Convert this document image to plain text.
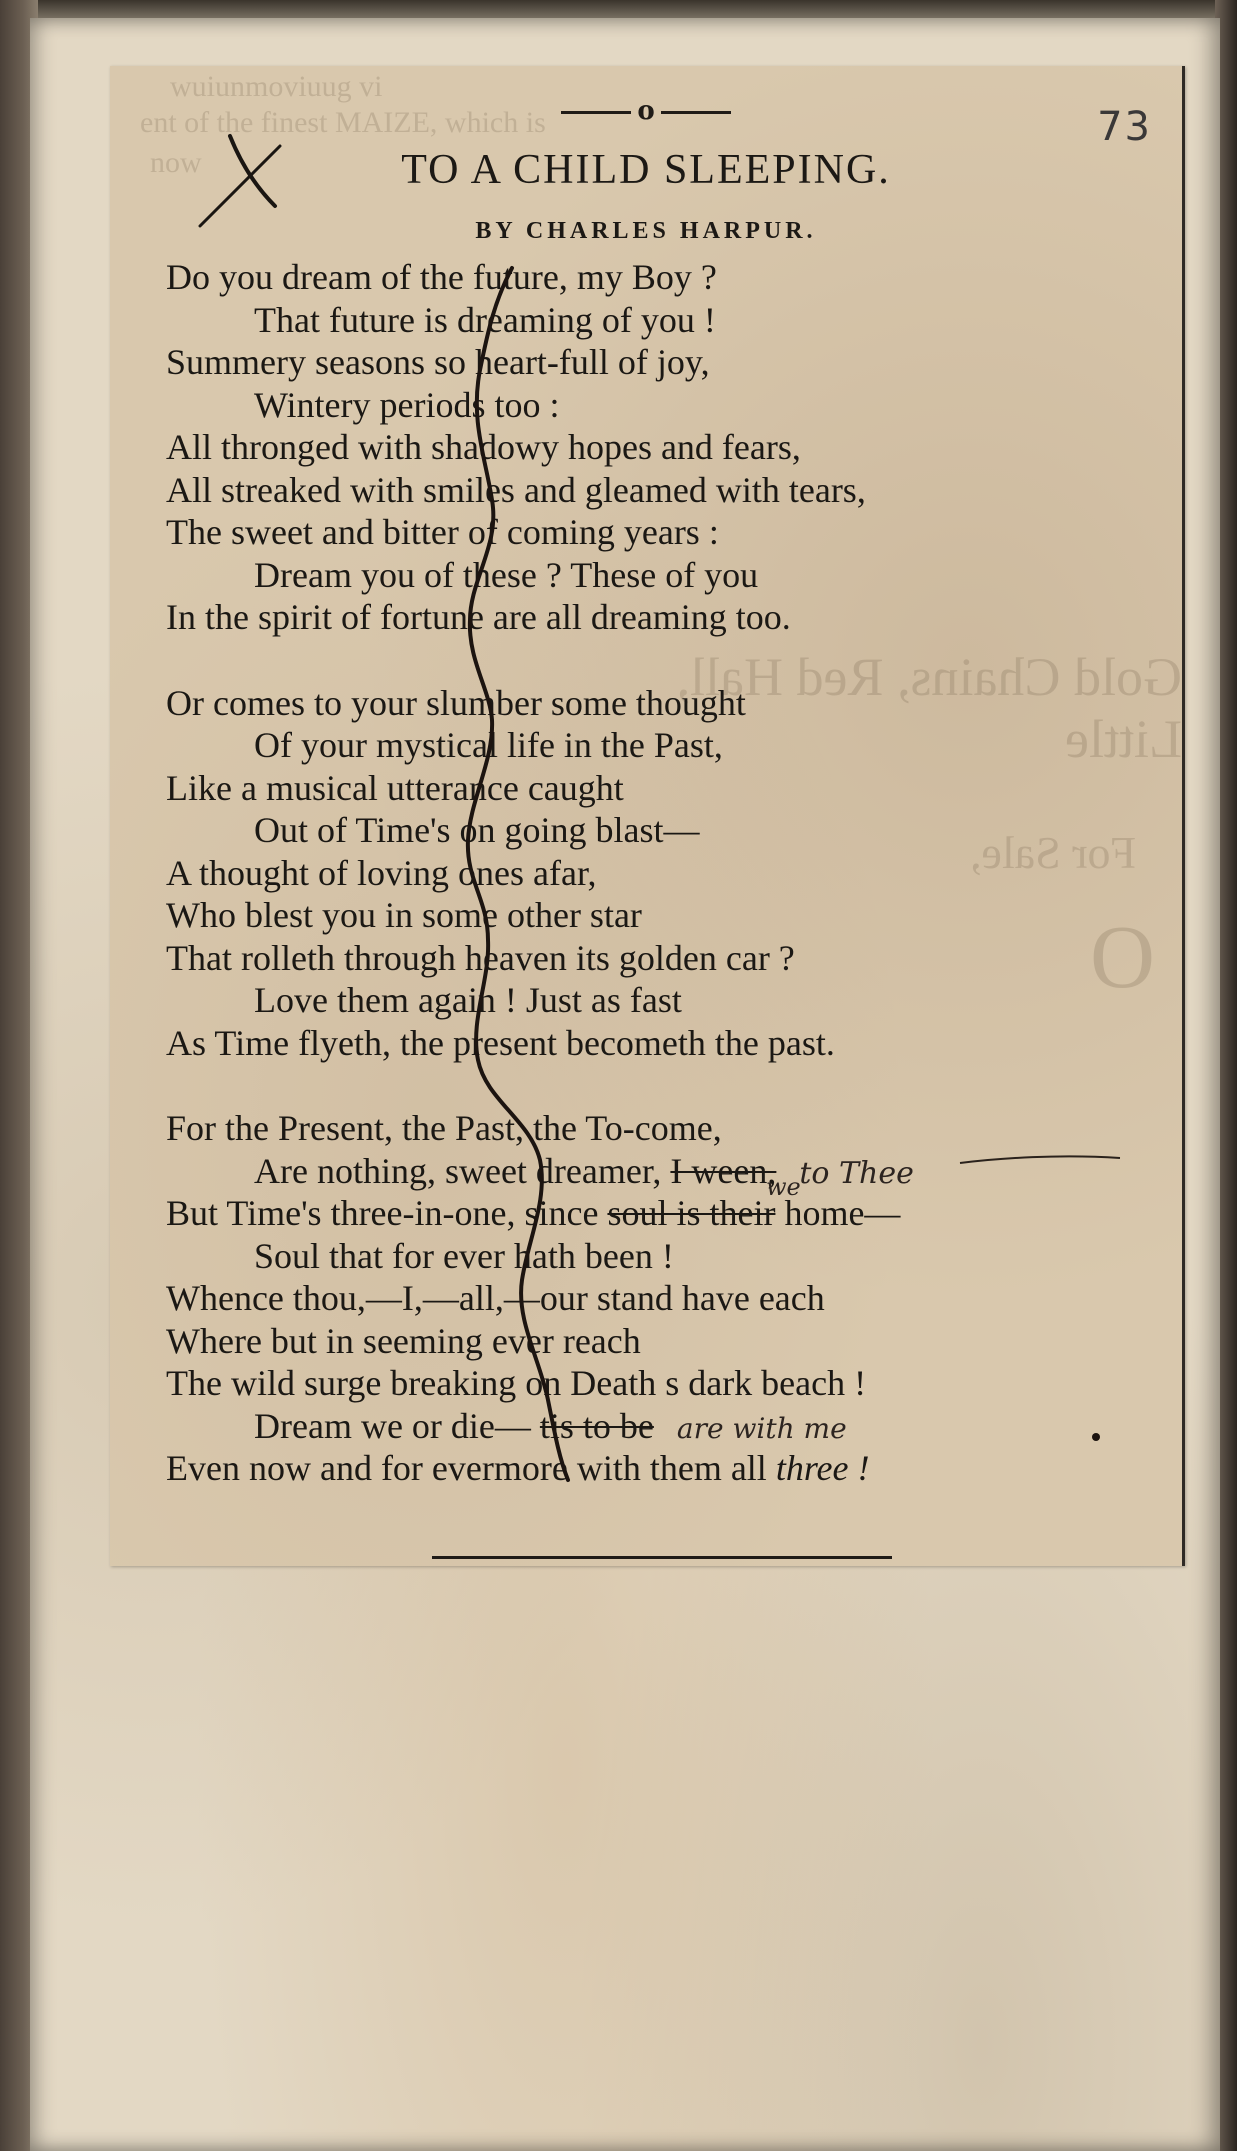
wuiunmoviuug vi
ent of the finest MAIZE, which is
now
Gold Chains, Red Hall, Little
For Sale,
O
o	73
TO A CHILD SLEEPING.
BY CHARLES HARPUR.
Do you dream of the future, my Boy ?
That future is dreaming of you !
Summery seasons so heart-full of joy,
Wintery periods too :
All thronged with shadowy hopes and fears,
All streaked with smiles and gleamed with tears,
The sweet and bitter of coming years :
Dream you of these ? These of you
In the spirit of fortune are all dreaming too.
Or comes to your slumber some thought
Of your mystical life in the Past,
Like a musical utterance caught
Out of Time's on going blast—
A thought of loving ones afar,
Who blest you in some other star
That rolleth through heaven its golden car ?
Love them again ! Just as fast
As Time flyeth, the present becometh the past.
For the Present, the Past, the To-come,
Are nothing, sweet dreamer, I ween, to Thee
But Time's three-in-one, since soul is their home—
we
Soul that for ever hath been !
Whence thou,—I,—all,—our stand have each
Where but in seeming ever reach
The wild surge breaking on Death s dark beach !
Dream we or die— tis to be are with me
Even now and for evermore with them all three !
